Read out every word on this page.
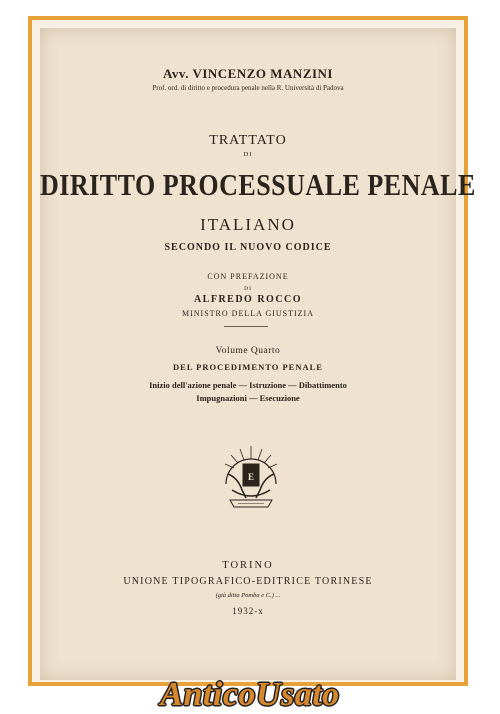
Avv. VINCENZO MANZINI
Prof. ord. di diritto e procedura penale nella R. Università di Padova
TRATTATO
DI
DIRITTO PROCESSUALE PENALE
ITALIANO
SECONDO IL NUOVO CODICE
CON PREFAZIONE
DI
ALFREDO ROCCO
MINISTRO DELLA GIUSTIZIA
Volume Quarto
DEL PROCEDIMENTO PENALE
Inizio dell'azione penale — Istruzione — Dibattimento
Impugnazioni — Esecuzione
E
TORINO
UNIONE TIPOGRAFICO-EDITRICE TORINESE
(già ditta Pomba e C.) ...
1932-x
AnticoUsato
